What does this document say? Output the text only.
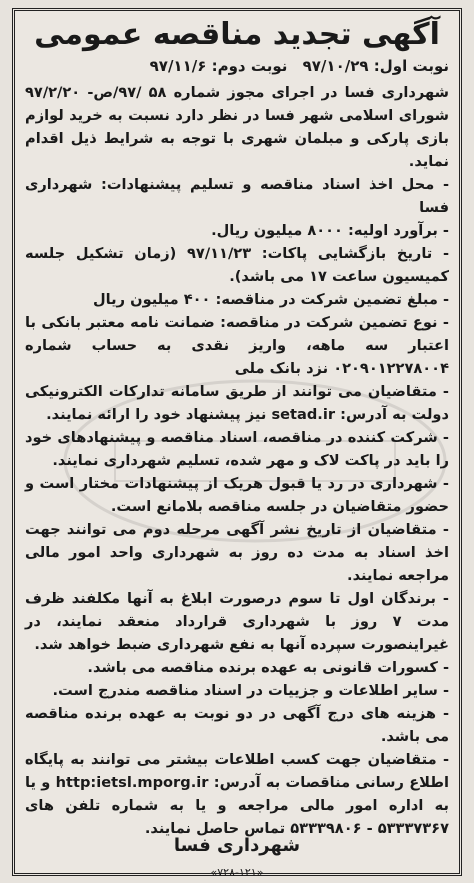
آگهی تجدید مناقصه عمومی
نوبت اول: ۹۷/۱۰/۲۹ نوبت دوم: ۹۷/۱۱/۶

شهرداری فسا در اجرای مجوز شماره ۵۸ /۹۷/ص- ۹۷/۲/۲۰ شورای اسلامی شهر فسا در نظر دارد نسبت به خرید لوازم بازی پارکی و مبلمان شهری با توجه به شرایط ذیل اقدام نماید.

- محل اخذ اسناد مناقصه و تسلیم پیشنهادات: شهرداری فسا

- برآورد اولیه: ۸۰۰۰ میلیون ریال.

- تاریخ بازگشایی پاکات: ۹۷/۱۱/۲۳ (زمان تشکیل جلسه کمیسیون ساعت ۱۷ می باشد).

- مبلغ تضمین شرکت در مناقصه: ۴۰۰ میلیون ریال

- نوع تضمین شرکت در مناقصه: ضمانت نامه معتبر بانکی با اعتبار سه ماهه، واریز نقدی به حساب شماره ۰۲۰۹۰۱۲۲۷۸۰۰۴ نزد بانک ملی

- متقاضیان می توانند از طریق سامانه تدارکات الکترونیکی دولت به آدرس: setad.ir نیز پیشنهاد خود را ارائه نمایند.

- شرکت کننده در مناقصه، اسناد مناقصه و پیشنهادهای خود را باید در پاکت لاک و مهر شده، تسلیم شهرداری نمایند.

- شهرداری در رد یا قبول هریک از پیشنهادات مختار است و حضور متقاضیان در جلسه مناقصه بلامانع است.

- متقاضیان از تاریخ نشر آگهی مرحله دوم می توانند جهت اخذ اسناد به مدت ده روز به شهرداری واحد امور مالی مراجعه نمایند.

- برندگان اول تا سوم درصورت ابلاغ به آنها مکلفند ظرف مدت ۷ روز با شهرداری قرارداد منعقد نمایند، در غیراینصورت سپرده آنها به نفع شهرداری ضبط خواهد شد.

- کسورات قانونی به عهده برنده مناقصه می باشد.

- سایر اطلاعات و جزییات در اسناد مناقصه مندرج است.

- هزینه های درج آگهی در دو نوبت به عهده برنده مناقصه می باشد.

- متقاضیان جهت کسب اطلاعات بیشتر می توانند به پایگاه اطلاع رسانی مناقصات به آدرس: http:ietsl.mporg.ir و یا به اداره امور مالی مراجعه و یا به شماره تلفن های ۵۳۳۳۷۳۶۷ - ۵۳۳۳۹۸۰۶ تماس حاصل نمایند.

شهرداری فسا
«۷۲۸-۱۲۱»
